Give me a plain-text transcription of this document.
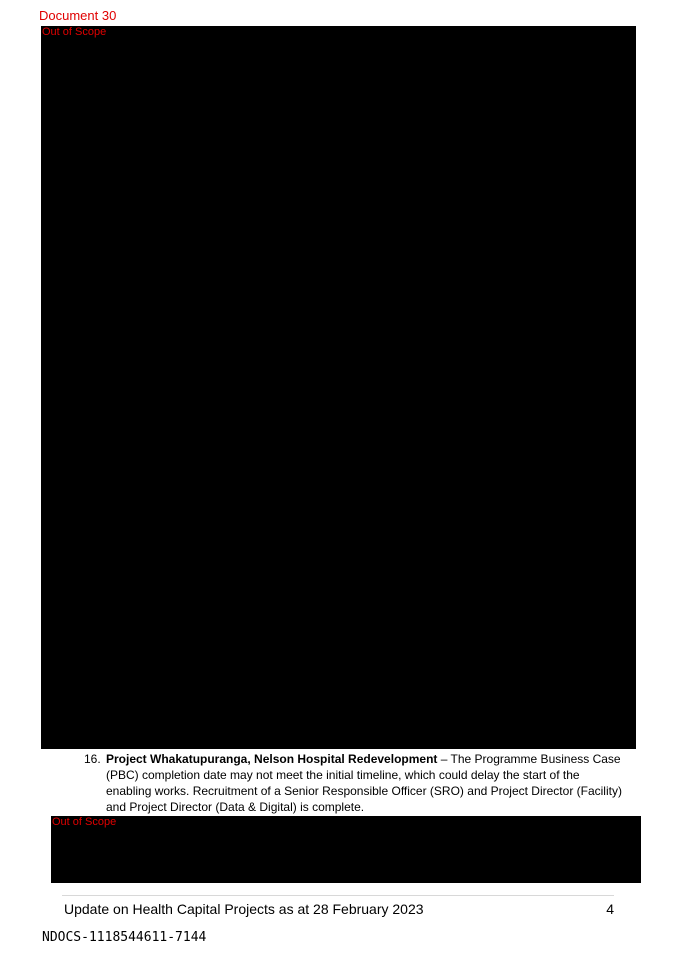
Document 30
Out of Scope
16. Project Whakatupuranga, Nelson Hospital Redevelopment – The Programme Business Case (PBC) completion date may not meet the initial timeline, which could delay the start of the enabling works. Recruitment of a Senior Responsible Officer (SRO) and Project Director (Facility) and Project Director (Data & Digital) is complete.
Out of Scope
Update on Health Capital Projects as at 28 February 2023	4
NDOCS-1118544611-7144
